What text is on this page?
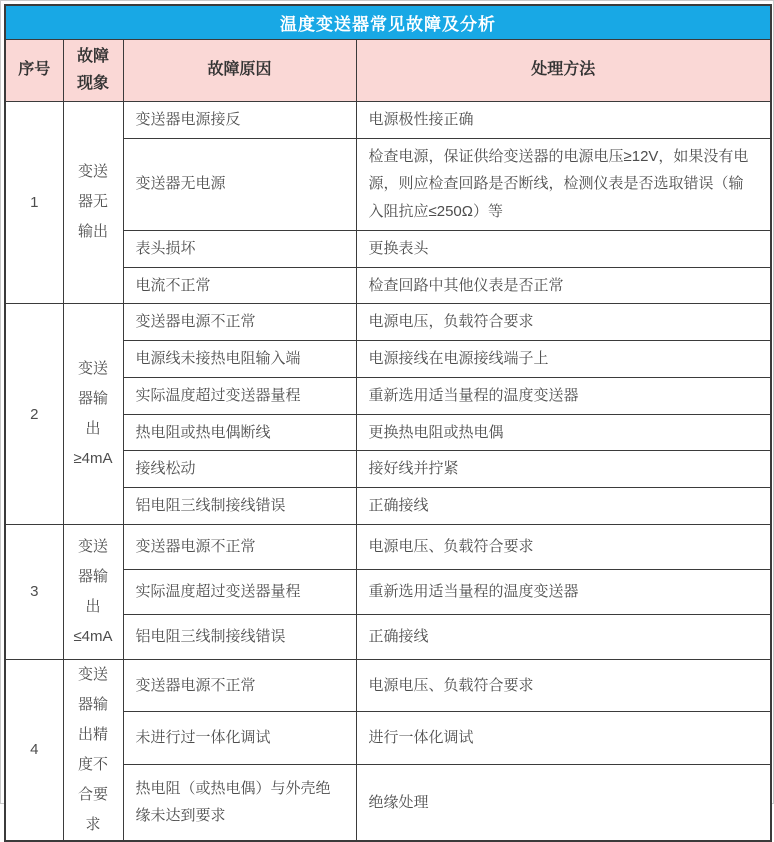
温度变送器常见故障及分析			
序号	故障现象	故障原因	处理方法
1	变送器无输出	变送器电源接反	电源极性接正确
		变送器无电源	检查电源，保证供给变送器的电源电压≥12V，如果没有电源，则应检查回路是否断线，检测仪表是否选取错误（输入阻抗应≤250Ω）等
		表头损坏	更换表头
		电流不正常	检查回路中其他仪表是否正常
2	变送器输出≥4mA	变送器电源不正常	电源电压，负载符合要求
		电源线未接热电阻输入端	电源接线在电源接线端子上
		实际温度超过变送器量程	重新选用适当量程的温度变送器
		热电阻或热电偶断线	更换热电阻或热电偶
		接线松动	接好线并拧紧
		铝电阻三线制接线错误	正确接线
3	变送器输出≤4mA	变送器电源不正常	电源电压、负载符合要求
		实际温度超过变送器量程	重新选用适当量程的温度变送器
		铝电阻三线制接线错误	正确接线
4	变送器输出精度不合要求	变送器电源不正常	电源电压、负载符合要求
		未进行过一体化调试	进行一体化调试
		热电阻（或热电偶）与外壳绝缘未达到要求	绝缘处理
